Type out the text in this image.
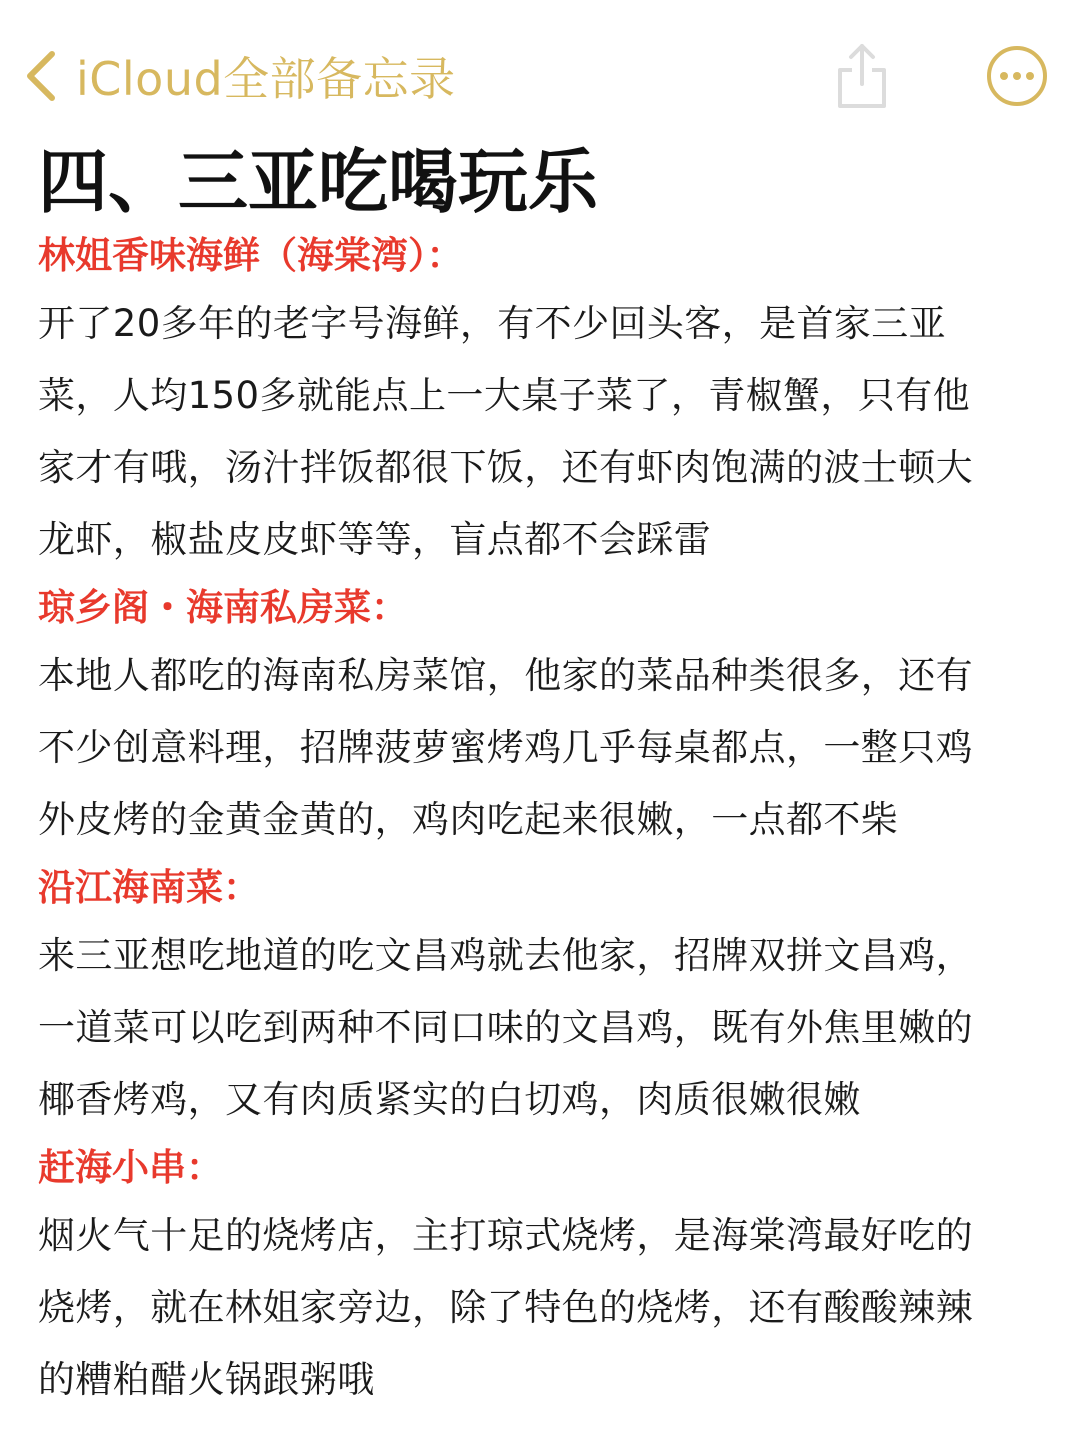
iCloud全部备忘录
四、三亚吃喝玩乐

林姐香味海鲜（海棠湾）：

开了20多年的老字号海鲜，有不少回头客，是首家三亚
菜，人均150多就能点上一大桌子菜了，青椒蟹，只有他
家才有哦，汤汁拌饭都很下饭，还有虾肉饱满的波士顿大
龙虾，椒盐皮皮虾等等，盲点都不会踩雷

琼乡阁・海南私房菜：

本地人都吃的海南私房菜馆，他家的菜品种类很多，还有
不少创意料理，招牌菠萝蜜烤鸡几乎每桌都点，一整只鸡
外皮烤的金黄金黄的，鸡肉吃起来很嫩，一点都不柴

沿江海南菜：

来三亚想吃地道的吃文昌鸡就去他家，招牌双拼文昌鸡，
一道菜可以吃到两种不同口味的文昌鸡，既有外焦里嫩的
椰香烤鸡，又有肉质紧实的白切鸡，肉质很嫩很嫩

赶海小串：

烟火气十足的烧烤店，主打琼式烧烤，是海棠湾最好吃的
烧烤，就在林姐家旁边，除了特色的烧烤，还有酸酸辣辣
的糟粕醋火锅跟粥哦
